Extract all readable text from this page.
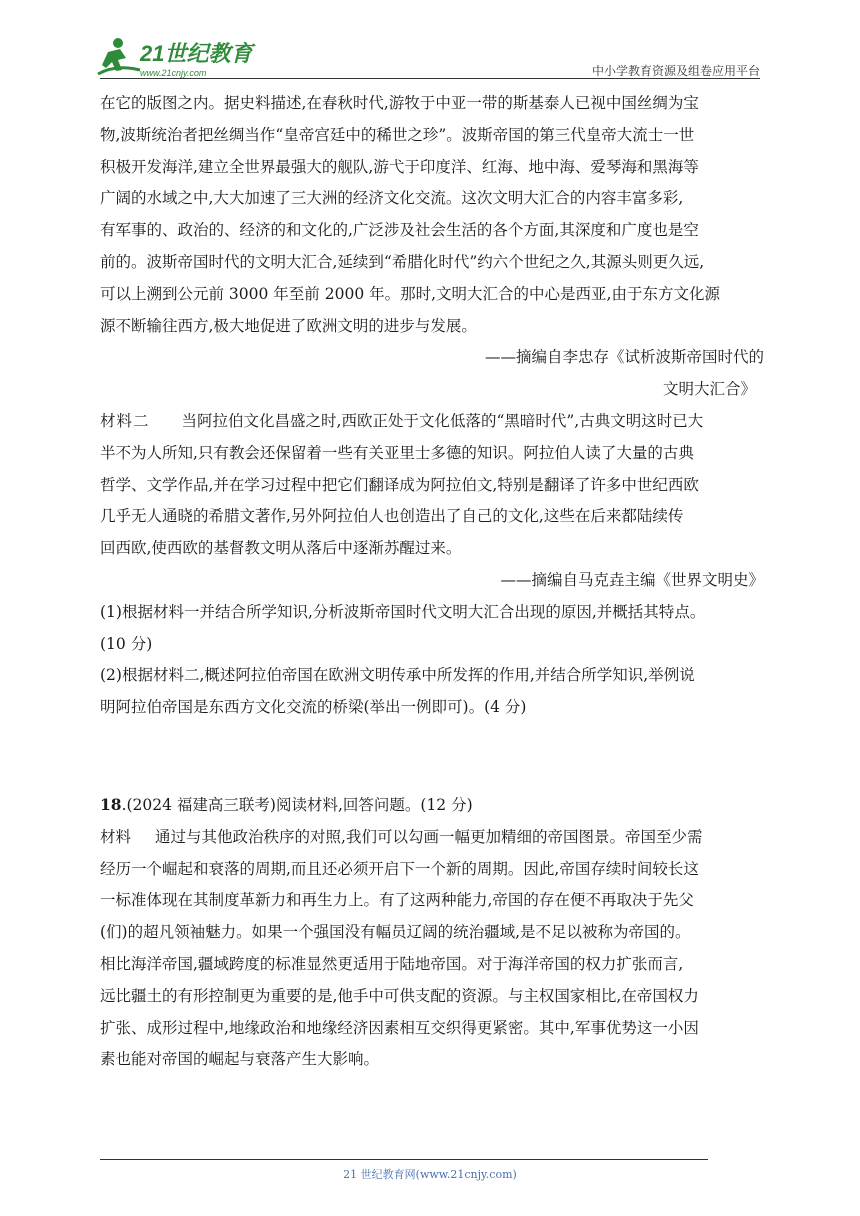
21世纪教育
www.21cnjy.com	中小学教育资源及组卷应用平台

在它的版图之内。据史料描述,在春秋时代,游牧于中亚一带的斯基泰人已视中国丝绸为宝

物,波斯统治者把丝绸当作“皇帝宫廷中的稀世之珍”。波斯帝国的第三代皇帝大流士一世

积极开发海洋,建立全世界最强大的舰队,游弋于印度洋、红海、地中海、爱琴海和黑海等

广阔的水域之中,大大加速了三大洲的经济文化交流。这次文明大汇合的内容丰富多彩,

有军事的、政治的、经济的和文化的,广泛涉及社会生活的各个方面,其深度和广度也是空

前的。波斯帝国时代的文明大汇合,延续到“希腊化时代”约六个世纪之久,其源头则更久远,

可以上溯到公元前 3000 年至前 2000 年。那时,文明大汇合的中心是西亚,由于东方文化源

源不断输往西方,极大地促进了欧洲文明的进步与发展。

——摘编自李忠存《试析波斯帝国时代的

文明大汇合》

材料二 当阿拉伯文化昌盛之时,西欧正处于文化低落的“黑暗时代”,古典文明这时已大

半不为人所知,只有教会还保留着一些有关亚里士多德的知识。阿拉伯人读了大量的古典

哲学、文学作品,并在学习过程中把它们翻译成为阿拉伯文,特别是翻译了许多中世纪西欧

几乎无人通晓的希腊文著作,另外阿拉伯人也创造出了自己的文化,这些在后来都陆续传

回西欧,使西欧的基督教文明从落后中逐渐苏醒过来。

——摘编自马克垚主编《世界文明史》

(1)根据材料一并结合所学知识,分析波斯帝国时代文明大汇合出现的原因,并概括其特点。

(10 分)

(2)根据材料二,概述阿拉伯帝国在欧洲文明传承中所发挥的作用,并结合所学知识,举例说

明阿拉伯帝国是东西方文化交流的桥梁(举出一例即可)。(4 分)

18.(2024 福建高三联考)阅读材料,回答问题。(12 分)

材料 通过与其他政治秩序的对照,我们可以勾画一幅更加精细的帝国图景。帝国至少需

经历一个崛起和衰落的周期,而且还必须开启下一个新的周期。因此,帝国存续时间较长这

一标准体现在其制度革新力和再生力上。有了这两种能力,帝国的存在便不再取决于先父

(们)的超凡领袖魅力。如果一个强国没有幅员辽阔的统治疆域,是不足以被称为帝国的。

相比海洋帝国,疆域跨度的标准显然更适用于陆地帝国。对于海洋帝国的权力扩张而言,

远比疆土的有形控制更为重要的是,他手中可供支配的资源。与主权国家相比,在帝国权力

扩张、成形过程中,地缘政治和地缘经济因素相互交织得更紧密。其中,军事优势这一小因

素也能对帝国的崛起与衰落产生大影响。

21 世纪教育网(www.21cnjy.com)
